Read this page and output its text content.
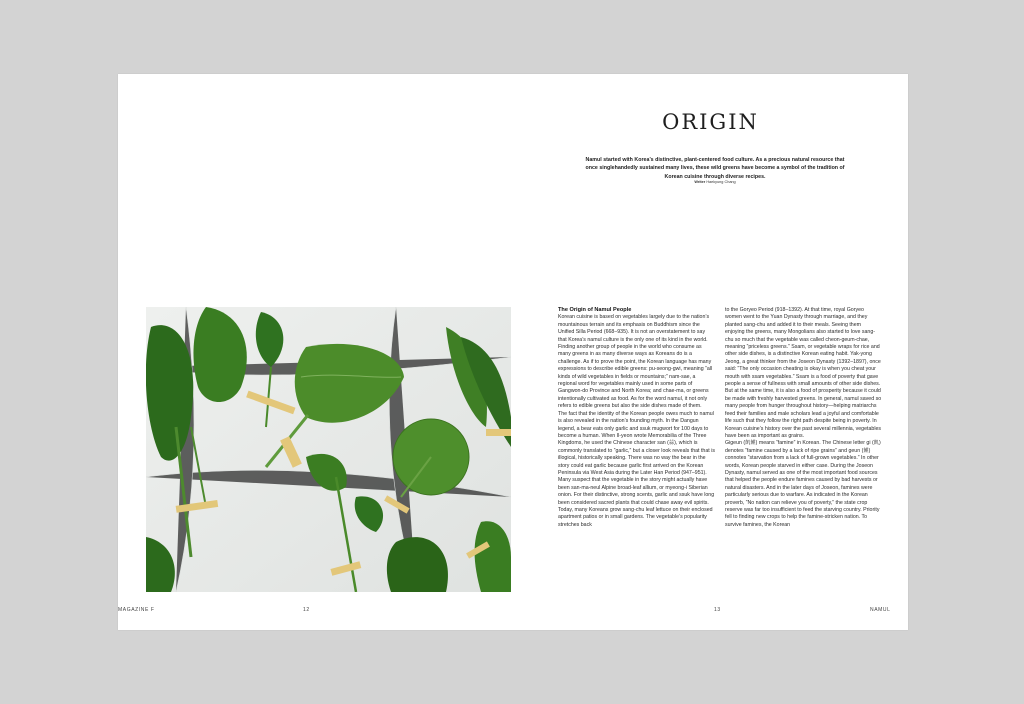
MAGAZINE F	12
ORIGIN

Namul started with Korea’s distinctive, plant-centered food culture. As a precious natural resource that once singlehandedly sustained many lives, these wild greens have become a symbol of the tradition of Korean cuisine through diverse recipes.

Writer Haekyung Chang
The Origin of Namul People

Korean cuisine is based on vegetables largely due to the nation’s mountainous terrain and its emphasis on Buddhism since the Unified Silla Period (668–935). It is not an overstatement to say that Korea’s namul culture is the only one of its kind in the world. Finding another group of people in the world who consume as many greens in as many diverse ways as Koreans do is a challenge. As if to prove the point, the Korean language has many expressions to describe edible greens: pu-seong-gwi, meaning “all kinds of wild vegetables in fields or mountains;” nam-sae, a regional word for vegetables mainly used in some parts of Gangwon-do Province and North Korea; and chae-ma, or greens intentionally cultivated as food. As for the word namul, it not only refers to edible greens but also the side dishes made of them.

The fact that the identity of the Korean people owes much to namul is also revealed in the nation’s founding myth. In the Dangun legend, a bear eats only garlic and ssuk mugwort for 100 days to become a human. When Il-yeon wrote Memorabilia of the Three Kingdoms, he used the Chinese character san (蒜), which is commonly translated to “garlic,” but a closer look reveals that that is illogical, historically speaking. There was no way the bear in the story could eat garlic because garlic first arrived on the Korean Peninsula via West Asia during the Later Han Period (947–951). Many suspect that the vegetable in the story might actually have been san-ma-neul Alpine broad-leaf allium, or myeong-i Siberian onion. For their distinctive, strong scents, garlic and ssuk have long been considered sacred plants that could chase away evil spirits. Today, many Koreans grow sang-chu leaf lettuce on their enclosed apartment patios or in small gardens. The vegetable’s popularity stretches back

to the Goryeo Period (918–1392). At that time, royal Goryeo women went to the Yuan Dynasty through marriage, and they planted sang-chu and added it to their meals. Seeing them enjoying the greens, many Mongolians also started to love sang-chu so much that the vegetable was called cheon-geum-chae, meaning “priceless greens.” Ssam, or vegetable wraps for rice and other side dishes, is a distinctive Korean eating habit. Yak-yong Jeong, a great thinker from the Joseon Dynasty (1392–1897), once said: “The only occasion cheating is okay is when you cheat your mouth with ssam vegetables.” Ssam is a food of poverty that gave people a sense of fullness with small amounts of other side dishes. But at the same time, it is also a food of prosperity because it could be made with freshly harvested greens. In general, namul saved so many people from hunger throughout history—helping matriarchs feed their families and male scholars lead a joyful and comfortable life such that they follow the right path despite being in poverty. In Korean cuisine’s history over the past several millennia, vegetables have been as important as grains.

Gigeun (飢饉) means “famine” in Korean. The Chinese letter gi (飢) denotes “famine caused by a lack of ripe grains” and geun (饉) connotes “starvation from a lack of full-grown vegetables.” In other words, Korean people starved in either case. During the Joseon Dynasty, namul served as one of the most important food sources that helped the people endure famines caused by bad harvests or natural disasters. And in the later days of Joseon, famines were particularly serious due to warfare. As indicated in the Korean proverb, “No nation can relieve you of poverty,” the state crop reserve was far too insufficient to feed the starving country. Priority fell to finding new crops to help the famine-stricken nation. To survive famines, the Korean

13	NAMUL
